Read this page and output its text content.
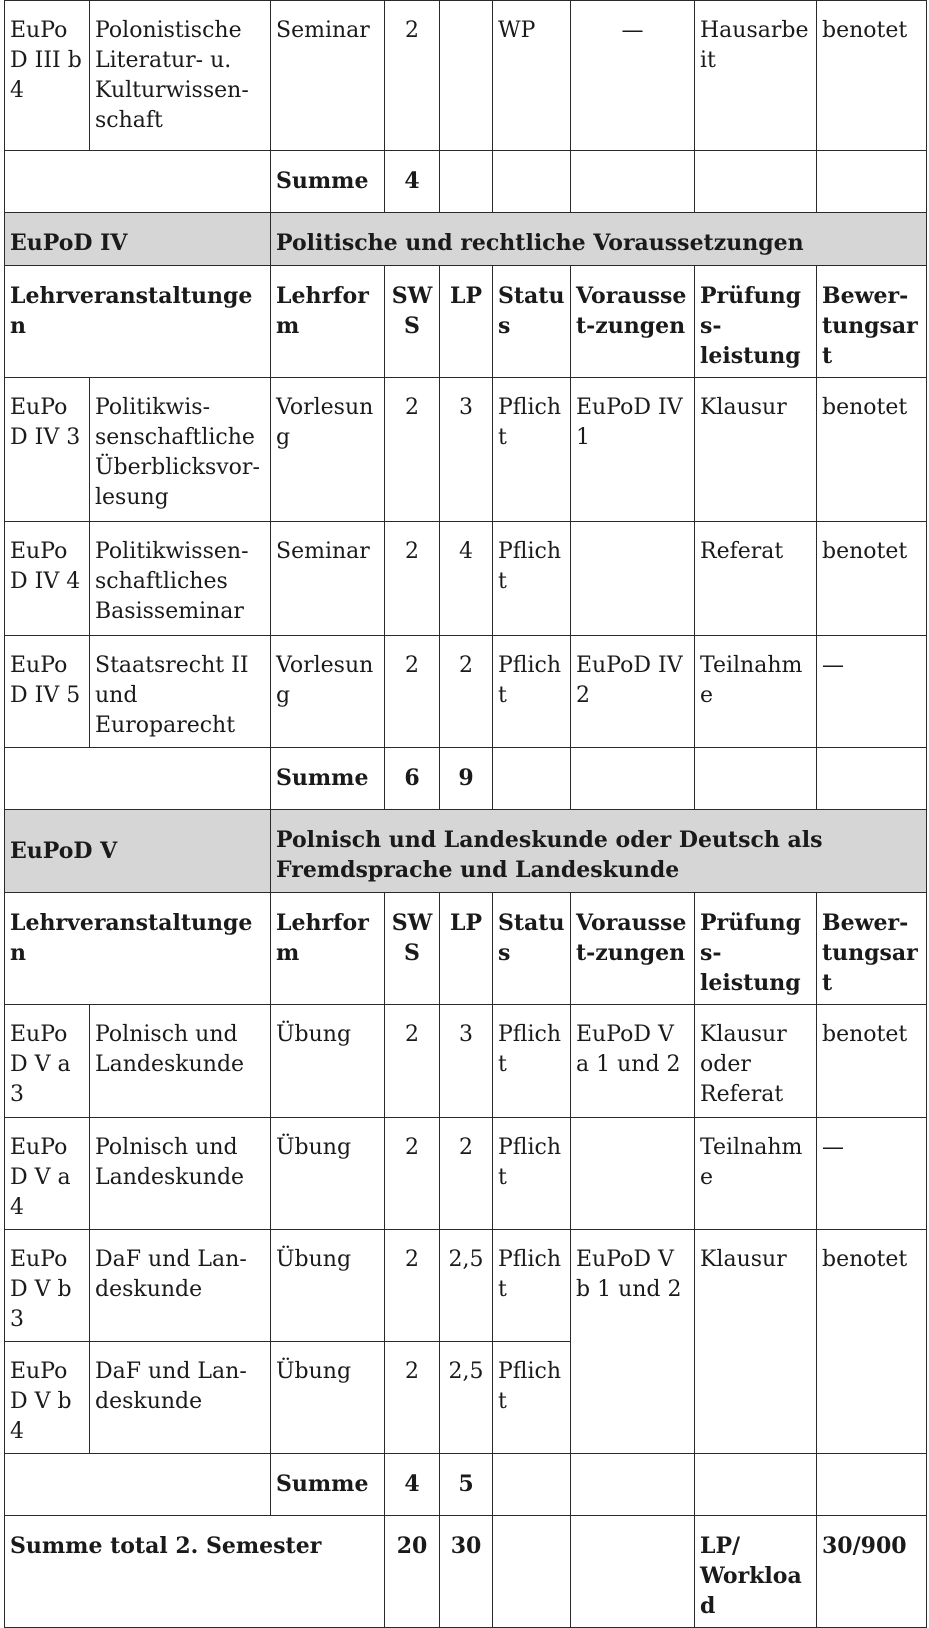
EuPoD III b 4	Polonistische Literatur- u. Kulturwissen-schaft	Seminar	2		WP	—	Hausarbeit	benotet
		Summe	4					
EuPoD IV		Politische und rechtliche Voraussetzungen						
Lehrveranstaltungen		Lehrform	SWS	LP	Status	Vorausset-zungen	Prüfungs-leistung	Bewer-tungsart
EuPoD IV 3	Politikwis-senschaftliche Überblicksvor-lesung	Vorlesung	2	3	Pflicht	EuPoD IV 1	Klausur	benotet
EuPoD IV 4	Politikwissen-schaftliches Basisseminar	Seminar	2	4	Pflicht		Referat	benotet
EuPoD IV 5	Staatsrecht II und Europarecht	Vorlesung	2	2	Pflicht	EuPoD IV 2	Teilnahme	—
		Summe	6	9				
EuPoD V		Polnisch und Landeskunde oder Deutsch als Fremdsprache und Landeskunde						
Lehrveranstaltungen		Lehrform	SWS	LP	Status	Vorausset-zungen	Prüfungs-leistung	Bewer-tungsart
EuPoD V a 3	Polnisch und Landeskunde	Übung	2	3	Pflicht	EuPoD V a 1 und 2	Klausur oder Referat	benotet
EuPoD V a 4	Polnisch und Landeskunde	Übung	2	2	Pflicht		Teilnahme	—
EuPoD V b 3	DaF und Lan-deskunde	Übung	2	2,5	Pflicht	EuPoD V b 1 und 2	Klausur	benotet
EuPoD V b 4	DaF und Lan-deskunde	Übung	2	2,5	Pflicht			
		Summe	4	5				
Summe total 2. Semester			20	30			LP/ Workload	30/900
